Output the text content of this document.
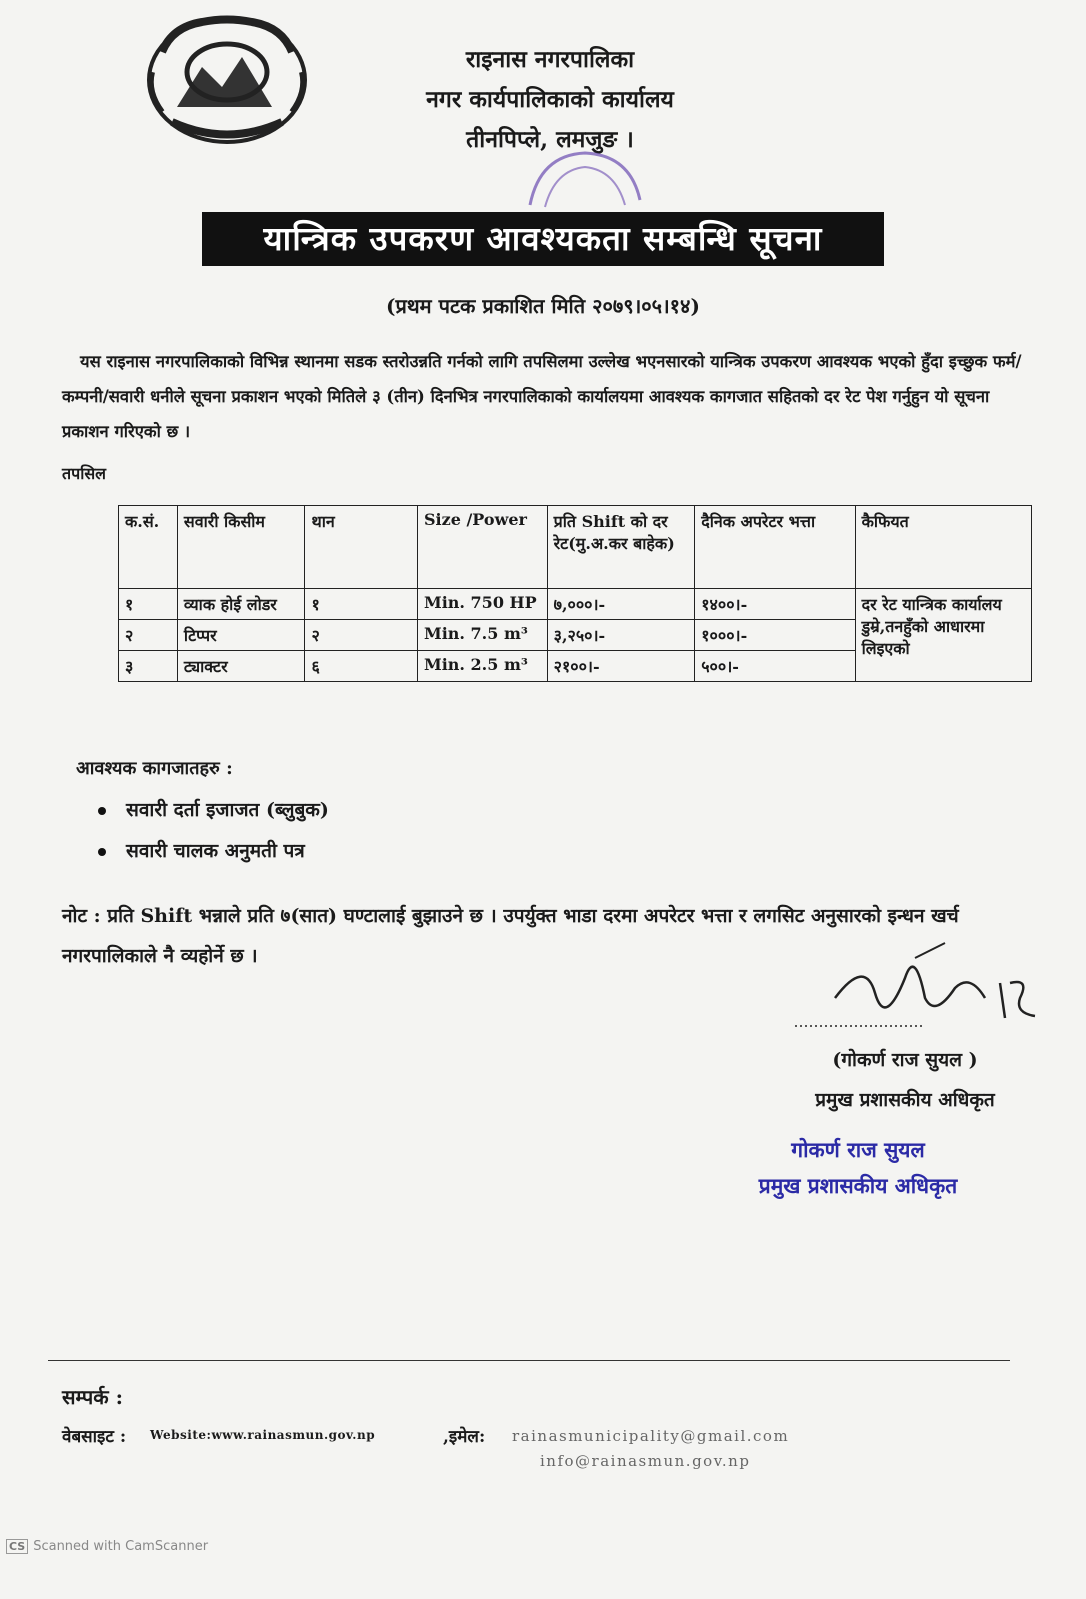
राइनास नगरपालिका
नगर कार्यपालिकाको कार्यालय
तीनपिप्ले, लमजुङ ।
यान्त्रिक उपकरण आवश्यकता सम्बन्धि सूचना
(प्रथम पटक प्रकाशित मिति २०७९।०५।१४)
यस राइनास नगरपालिकाको विभिन्न स्थानमा सडक स्तरोउन्नति गर्नको लागि तपसिलमा उल्लेख भएनसारको यान्त्रिक उपकरण आवश्यक भएको हुँदा इच्छुक फर्म/कम्पनी/सवारी धनीले सूचना प्रकाशन भएको मितिले ३ (तीन) दिनभित्र नगरपालिकाको कार्यालयमा आवश्यक कागजात सहितको दर रेट पेश गर्नुहुन यो सूचना प्रकाशन गरिएको छ ।
तपसिल
क.सं.	सवारी किसीम	थान	Size /Power	प्रति Shift को दर रेट(मु.अ.कर बाहेक)	दैनिक अपरेटर भत्ता	कैफियत
१	व्याक होई लोडर	१	Min. 750 HP	७,०००।-	१४००।-	दर रेट यान्त्रिक कार्यालय डुम्रे,तनहुँको आधारमा लिइएको
२	टिप्पर	२	Min. 7.5 m³	३,२५०।-	१०००।-	
३	ट्याक्टर	६	Min. 2.5 m³	२१००।-	५००।-	
आवश्यक कागजातहरु :
सवारी दर्ता इजाजत (ब्लुबुक)
सवारी चालक अनुमती पत्र
नोट : प्रति Shift भन्नाले प्रति ७(सात) घण्टालाई बुझाउने छ । उपर्युक्त भाडा दरमा अपरेटर भत्ता र लगसिट अनुसारको इन्धन खर्च नगरपालिकाले नै व्यहोर्ने छ ।
(गोकर्ण राज सुयल )
प्रमुख प्रशासकीय अधिकृत
गोकर्ण राज सुयल
प्रमुख प्रशासकीय अधिकृत
सम्पर्क :
वेबसाइट : Website:www.rainasmun.gov.np	,इमेल: rainasmunicipality@gmail.com
info@rainasmun.gov.np
CS Scanned with CamScanner
